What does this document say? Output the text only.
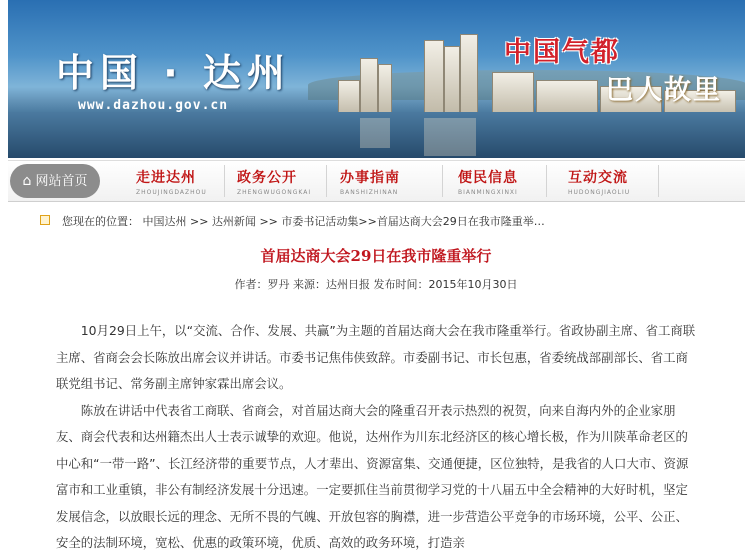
中国 · 达州
www.dazhou.gov.cn
中国气都
巴人故里
⌂ 网站首页	走进达州
ZHOUJINGDAZHOU
政务公开
ZHENGWUGONGKAI
办事指南
BANSHIZHINAN
便民信息
BIANMINGXINXI
互动交流
HUDONGJIAOLIU
您现在的位置： 中国达州 >> 达州新闻 >> 市委书记活动集>>首届达商大会29日在我市隆重举…
首届达商大会29日在我市隆重举行
作者：罗丹 来源：达州日报 发布时间：2015年10月30日

10月29日上午，以“交流、合作、发展、共赢”为主题的首届达商大会在我市隆重举行。省政协副主席、省工商联主席、省商会会长陈放出席会议并讲话。市委书记焦伟侠致辞。市委副书记、市长包惠，省委统战部副部长、省工商联党组书记、常务副主席钟家霖出席会议。

陈放在讲话中代表省工商联、省商会，对首届达商大会的隆重召开表示热烈的祝贺，向来自海内外的企业家朋友、商会代表和达州籍杰出人士表示诚挚的欢迎。他说，达州作为川东北经济区的核心增长极，作为川陕革命老区的中心和“一带一路”、长江经济带的重要节点，人才辈出、资源富集、交通便捷，区位独特，是我省的人口大市、资源富市和工业重镇，非公有制经济发展十分迅速。一定要抓住当前贯彻学习党的十八届五中全会精神的大好时机，坚定发展信念，以放眼长远的理念、无所不畏的气魄、开放包容的胸襟，进一步营造公平竞争的市场环境，公平、公正、安全的法制环境，宽松、优惠的政策环境，优质、高效的政务环境，打造亲
